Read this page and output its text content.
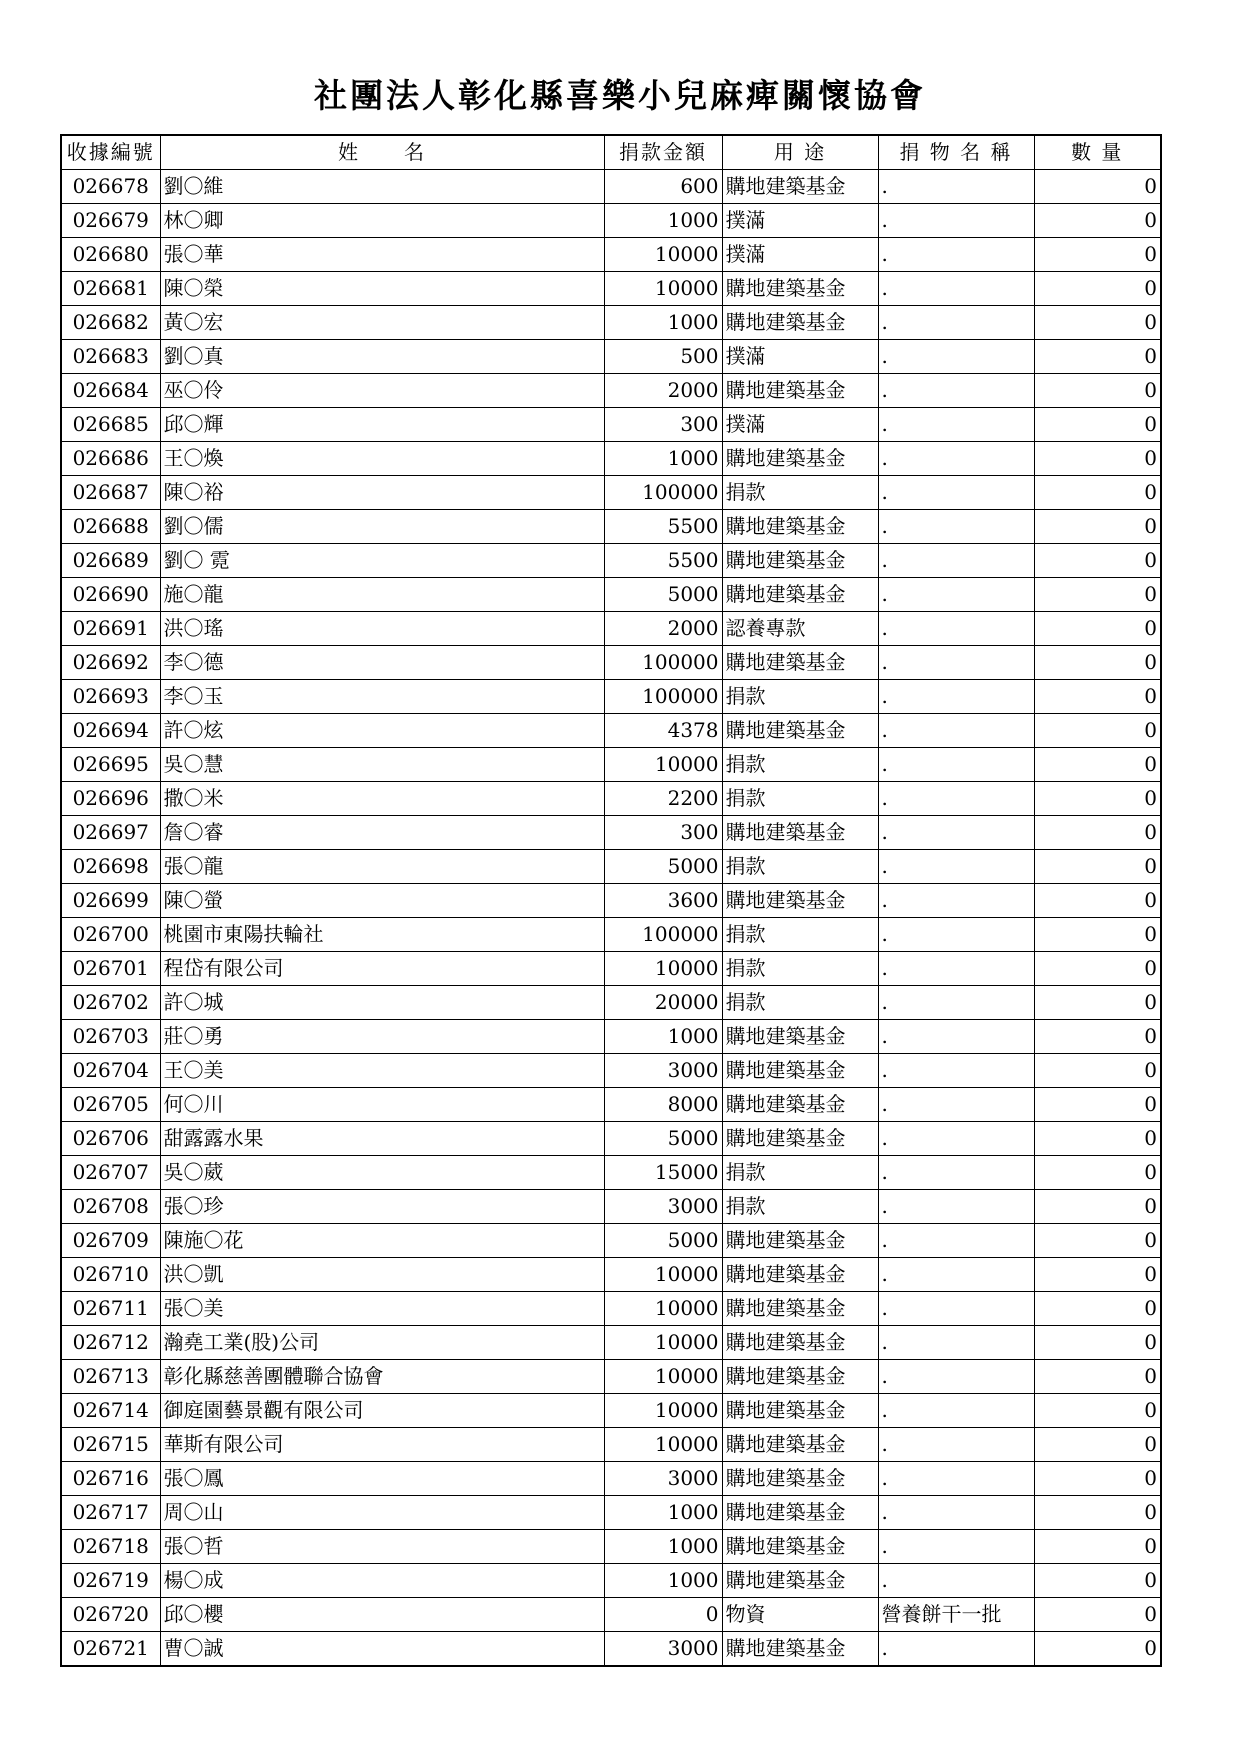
社團法人彰化縣喜樂小兒麻痺關懷協會
收據編號	姓　　名	捐款金額	用 途	捐 物 名 稱	數 量
026678	劉〇維	600	購地建築基金	.	0
026679	林〇卿	1000	撲滿	.	0
026680	張〇華	10000	撲滿	.	0
026681	陳〇榮	10000	購地建築基金	.	0
026682	黃〇宏	1000	購地建築基金	.	0
026683	劉〇真	500	撲滿	.	0
026684	巫〇伶	2000	購地建築基金	.	0
026685	邱〇輝	300	撲滿	.	0
026686	王〇煥	1000	購地建築基金	.	0
026687	陳〇裕	100000	捐款	.	0
026688	劉〇儒	5500	購地建築基金	.	0
026689	劉〇 霓	5500	購地建築基金	.	0
026690	施〇龍	5000	購地建築基金	.	0
026691	洪〇瑤	2000	認養專款	.	0
026692	李〇德	100000	購地建築基金	.	0
026693	李〇玉	100000	捐款	.	0
026694	許〇炫	4378	購地建築基金	.	0
026695	吳〇慧	10000	捐款	.	0
026696	撒〇米	2200	捐款	.	0
026697	詹〇睿	300	購地建築基金	.	0
026698	張〇龍	5000	捐款	.	0
026699	陳〇螢	3600	購地建築基金	.	0
026700	桃園市東陽扶輪社	100000	捐款	.	0
026701	程岱有限公司	10000	捐款	.	0
026702	許〇城	20000	捐款	.	0
026703	莊〇勇	1000	購地建築基金	.	0
026704	王〇美	3000	購地建築基金	.	0
026705	何〇川	8000	購地建築基金	.	0
026706	甜露露水果	5000	購地建築基金	.	0
026707	吳〇葳	15000	捐款	.	0
026708	張〇珍	3000	捐款	.	0
026709	陳施〇花	5000	購地建築基金	.	0
026710	洪〇凱	10000	購地建築基金	.	0
026711	張〇美	10000	購地建築基金	.	0
026712	瀚堯工業(股)公司	10000	購地建築基金	.	0
026713	彰化縣慈善團體聯合協會	10000	購地建築基金	.	0
026714	御庭園藝景觀有限公司	10000	購地建築基金	.	0
026715	華斯有限公司	10000	購地建築基金	.	0
026716	張〇鳳	3000	購地建築基金	.	0
026717	周〇山	1000	購地建築基金	.	0
026718	張〇哲	1000	購地建築基金	.	0
026719	楊〇成	1000	購地建築基金	.	0
026720	邱〇櫻	0	物資	營養餅干一批	0
026721	曹〇誠	3000	購地建築基金	.	0
